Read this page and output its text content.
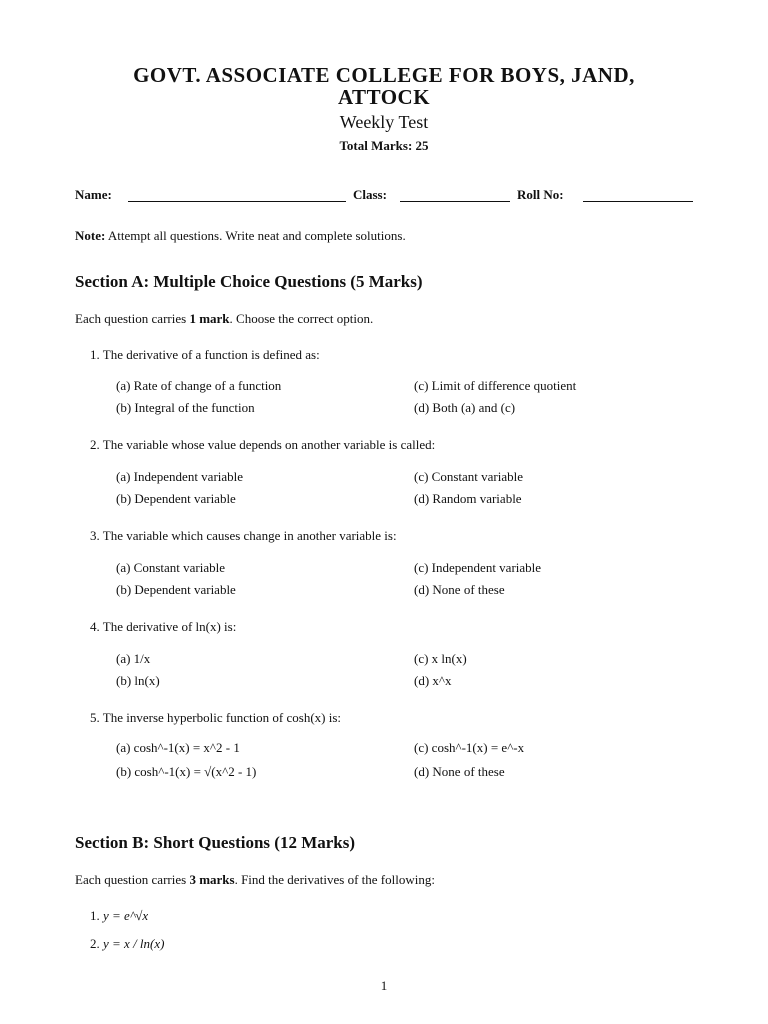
GOVT. ASSOCIATE COLLEGE FOR BOYS, JAND,
ATTOCK
Weekly Test
Total Marks: 25
Name:	Class:	Roll No:
Note: Attempt all questions. Write neat and complete solutions.
Section A: Multiple Choice Questions (5 Marks)
Each question carries 1 mark. Choose the correct option.
1. The derivative of a function is defined as:
(a) Rate of change of a function
(b) Integral of the function
(c) Limit of difference quotient
(d) Both (a) and (c)
2. The variable whose value depends on another variable is called:
(a) Independent variable
(b) Dependent variable
(c) Constant variable
(d) Random variable
3. The variable which causes change in another variable is:
(a) Constant variable
(b) Dependent variable
(c) Independent variable
(d) None of these
4. The derivative of ln(x) is:
(a) 1/x
(b) ln(x)
(c) x ln(x)
(d) x^x
5. The inverse hyperbolic function of cosh(x) is:
(a) cosh^-1(x) = x^2 - 1
(b) cosh^-1(x) = √(x^2 - 1)
(c) cosh^-1(x) = e^-x
(d) None of these
Section B: Short Questions (12 Marks)
Each question carries 3 marks. Find the derivatives of the following:
1. y = e^√x
2. y = x / ln(x)
1
